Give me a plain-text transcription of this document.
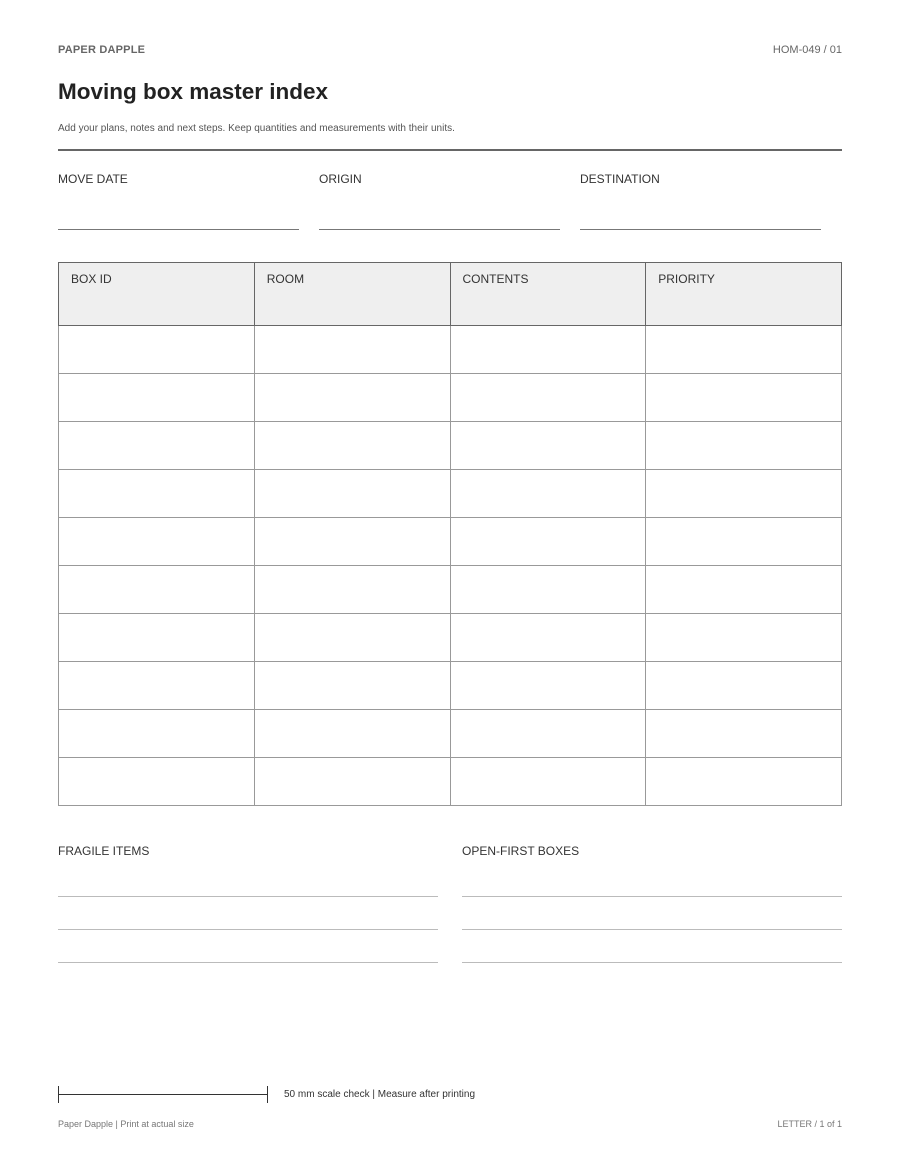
PAPER DAPPLE	HOM-049 / 01
Moving box master index
Add your plans, notes and next steps. Keep quantities and measurements with their units.
MOVE DATE	ORIGIN	DESTINATION
BOX ID	ROOM	CONTENTS	PRIORITY

FRAGILE ITEMS	OPEN-FIRST BOXES
50 mm scale check | Measure after printing
Paper Dapple | Print at actual size	LETTER / 1 of 1
